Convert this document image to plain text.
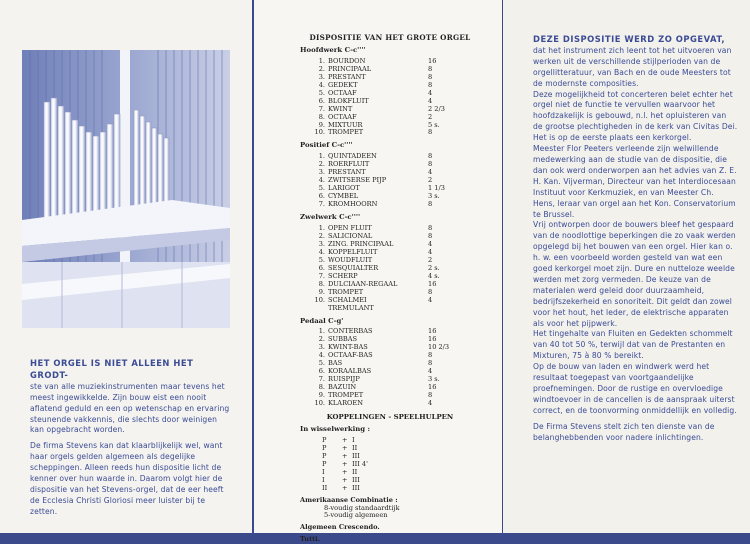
HET ORGEL IS NIET ALLEEN HET GRODT-

ste van alle muziekinstrumenten maar tevens het meest ingewikkelde. Zijn bouw eist een nooit aflatend geduld en een op wetenschap en ervaring steunende vakkennis, die slechts door weinigen kan opgebracht worden.

De firma Stevens kan dat klaarblijkelijk wel, want haar orgels gelden algemeen als degelijke scheppingen. Alleen reeds hun dispositie licht de kenner over hun waarde in. Daarom volgt hier de dispositie van het Stevens-orgel, dat de eer heeft de Ecclesia Christi Gloriosi meer luister bij te zetten.

DISPOSITIE VAN HET GROTE ORGEL
Hoofdwerk C-c''''
1. BOURDON	16
2. PRINCIPAAL	8
3. PRESTANT	8
4. GEDEKT	8
5. OCTAAF	4
6. BLOKFLUIT	4
7. KWINT	2 2/3
8. OCTAAF	2
9. MIXTUUR	5 s.
10. TROMPET	8
Positief C-c''''
1. QUINTADEEN	8
2. ROERFLUIT	8
3. PRESTANT	4
4. ZWITSERSE PIJP	2
5. LARIGOT	1 1/3
6. CYMBEL	3 s.
7. KROMHOORN	8
Zwelwerk C-c''''
1. OPEN FLUIT	8
2. SALICIONAL	8
3. ZING. PRINCIPAAL	4
4. KOPPELFLUIT	4
5. WOUDFLUIT	2
6. SESQUIALTER	2 s.
7. SCHERP	4 s.
8. DULCIAAN-REGAAL	16
9. TROMPET	8
10. SCHALMEI	4
TREMULANT
Pedaal C-g'
1. CONTERBAS	16
2. SUBBAS	16
3. KWINT-BAS	10 2/3
4. OCTAAF-BAS	8
5. BAS	8
6. KORAALBAS	4
7. RUISPIJP	3 s.
8. BAZUIN	16
9. TROMPET	8
10. KLAROEN	4
KOPPELINGEN - SPEELHULPEN
In wisselwerking :
P	+ I
P	+ II
P	+ III
P	+ III 4'
I	+ II
I	+ III
II	+ III
Amerikaanse Combinatie :
8-voudig standaardtijk
5-voudig algemeen
Algemeen Crescendo.
Tutti.

DEZE DISPOSITIE WERD ZO OPGEVAT,

dat het instrument zich leent tot het uitvoeren van werken uit de verschillende stijlperioden van de orgellitteratuur, van Bach en de oude Meesters tot de modernste composities.

Deze mogelijkheid tot concerteren belet echter het orgel niet de functie te vervullen waarvoor het hoofdzakelijk is gebouwd, n.l. het opluisteren van de grootse plechtigheden in de kerk van Civitas Dei. Het is op de eerste plaats een kerkorgel.

Meester Flor Peeters verleende zijn welwillende medewerking aan de studie van de dispositie, die dan ook werd onderworpen aan het advies van Z. E. H. Kan. Vijverman, Directeur van het Interdiocesaan Instituut voor Kerkmuziek, en van Meester Ch. Hens, leraar van orgel aan het Kon. Conservatorium te Brussel.

Vrij ontworpen door de bouwers bleef het gespaard van de noodlottige beperkingen die zo vaak werden opgelegd bij het bouwen van een orgel. Hier kan o. h. w. een voorbeeld worden gesteld van wat een goed kerkorgel moet zijn. Dure en nutteloze weelde werden met zorg vermeden. De keuze van de materialen werd geleid door duurzaamheid, bedrijfszekerheid en sonoriteit. Dit geldt dan zowel voor het hout, het leder, de elektrische apparaten als voor het pijpwerk.

Het tingehalte van Fluiten en Gedekten schommelt van 40 tot 50 %, terwijl dat van de Prestanten en Mixturen, 75 à 80 % bereikt.

Op de bouw van laden en windwerk werd het resultaat toegepast van voortgaandelijke proefnemingen. Door de rustige en overvloedige windtoevoer in de cancellen is de aanspraak uiterst correct, en de toonvorming onmiddellijk en volledig.

De Firma Stevens stelt zich ten dienste van de belanghebbenden voor nadere inlichtingen.
